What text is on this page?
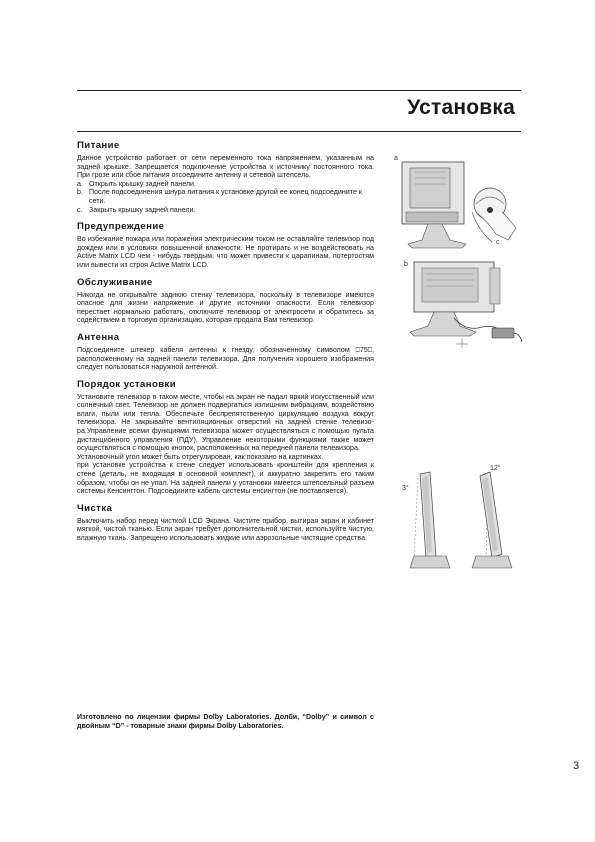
Установка
Питание

Данное устройство работает от сети переменного тока напряжением, указанным на задней крышке. Запрещается подключение устройства к источнику постоянного тока. При грозе или сбое питания отсоедините антенну и сетевой штепсель.

a. Открыть крышку задней панели.
b. После подсоединения шнура питания к установке другой ее конец подсоедините к сети.
c. Закрыть крышку задней панели.
Предупреждение

Во избежание пожара или поражения электрическим током не оставляйте телевизор под дождем или в условиях повышенной влажности. Не протирать и не воздействовать на Active Matrix LCD чем - нибудь твердым, что может привести к царапинам, потертостям или вывести из строя Active Matrix LCD.

Обслуживание

Никогда не открывайте заднюю стенку телевизора, поскольку в телевизоре имеются опасное для жизни напряжение и другие источники опасности. Если телевизор перестает нормально работать, отключите телевизор от электросети и обратитесь за содействием в торговую организацию, которая продала Вам телевизор.

Антенна

Подсоедините штекер кабеля антенны к гнезду, обозначенному символом ⎕75⎕, расположенному на задней панели телевизора. Для получения хорошего изображения следует пользоваться наружной антенной.

Порядок установки

Установите телевизор в таком месте, чтобы на экран не падал яркий искусственный или солнечный свет. Телевизор не должен подвергаться излишним вибрациям, воздействию влаги, пыли или тепла. Обеспечьте беспрепятственную циркуляцию воздуха вокруг телевизора. Не закрывайте вентиляционных отверстий на задней стенке телевизо-ра.Управление всеми функциями телевизора может осуществляться с помощью пульта дистанционного управления (ПДУ). Управление некоторыми функциями также может осуществляться с помощью кнопок, расположенных на передней панели телевизора.

Установочный угол может быть отрегулирован, как показано на картинках.

при установке устройства к стене следует использовать кронштейн для крепления к стене (деталь, не входящая в основной комплект), и аккуратно закрепить его таким образом, чтобы он не упал. На задней панели у установки имеется штепсельный разъем системы Кенсингтон. Подсоедините кабель системы енсингтон (не поставляется).

Чистка

Выключить набор перед чисткой LCD Экрана. Чистите прибор, вытирая экран и кабинет мягкой, чистой тканью. Если экран требует дополнительной чистки, используйте чистую, влажную ткань. Запрещено использовать жидкие или аэрозольные чистящие средства.

Изготовлено по лицензии фирмы Dolby Laboratories. Долби, “Dolby” и символ с двойным “D” - товарные знаки фирмы Dolby Laboratories.
a
c
b
3°
12°
3
